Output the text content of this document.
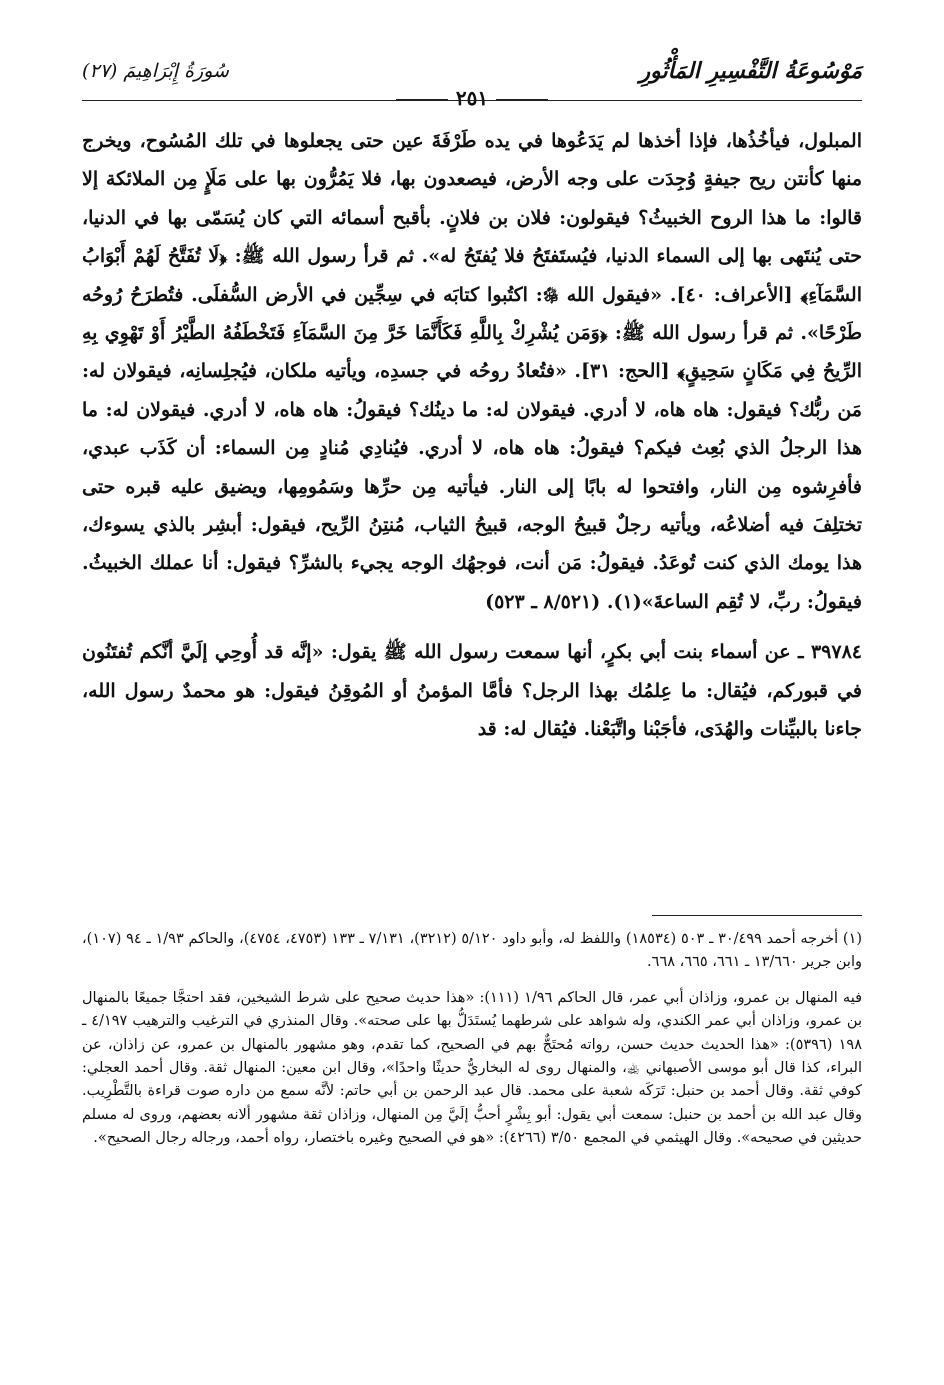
مَوْسُوعَةُ التَّفْسِيرِ المَأْثُورِ
٢٥١
سُورَةُ إِبْرَاهِيمَ (٢٧)

المبلول، فيأخُذُها، فإذا أخذها لم يَدَعُوها في يده طَرْفَةَ عين حتى يجعلوها في تلك المُسُوح، ويخرج منها كأنتن ريح جيفةٍ وُجِدَت على وجه الأرض، فيصعدون بها، فلا يَمُرُّون بها على مَلَإٍ مِن الملائكة إلا قالوا: ما هذا الروح الخبيثُ؟ فيقولون: فلان بن فلانٍ. بأقبح أسمائه التي كان يُسَمّى بها في الدنيا، حتى يُنتَهى بها إلى السماء الدنيا، فيُستَفتَحُ فلا يُفتَحُ له». ثم قرأ رسول الله ﷺ: ﴿لَا تُفَتَّحُ لَهُمْ أَبْوَابُ السَّمَآءِ﴾ [الأعراف: ٤٠]. «فيقول الله ﷿: اكتُبوا كتابَه في سِجِّين في الأرض السُّفلَى. فتُطرَحُ رُوحُه طَرْحًا». ثم قرأ رسول الله ﷺ: ﴿وَمَن يُشْرِكْ بِاللَّهِ فَكَأَنَّمَا خَرَّ مِنَ السَّمَآءِ فَتَخْطَفُهُ الطَّيْرُ أَوْ تَهْوِي بِهِ الرِّيحُ فِي مَكَانٍ سَحِيقٍ﴾ [الحج: ٣١]. «فتُعادُ روحُه في جسدِه، ويأتيه ملكان، فيُجلِسانِه، فيقولان له: مَن ربُّك؟ فيقول: هاه هاه، لا أدري. فيقولان له: ما دينُك؟ فيقولُ: هاه هاه، لا أدري. فيقولان له: ما هذا الرجلُ الذي بُعِث فيكم؟ فيقولُ: هاه هاه، لا أدري. فيُنادِي مُنادٍ مِن السماء: أن كَذَب عبدي، فأفرِشوه مِن النار، وافتحوا له بابًا إلى النار. فيأتيه مِن حرِّها وسَمُومِها، ويضيق عليه قبره حتى تختلِفَ فيه أضلاعُه، ويأتيه رجلٌ قبيحُ الوجه، قبيحُ الثياب، مُنتِنُ الرِّيح، فيقول: أبشِر بالذي يسوءك، هذا يومك الذي كنت تُوعَدُ. فيقولُ: مَن أنت، فوجهُك الوجه يجيء بالشرِّ؟ فيقول: أنا عملك الخبيثُ. فيقولُ: ربِّ، لا تُقِم الساعةَ»(١). (٨/٥٢١ ـ ٥٢٣)

٣٩٧٨٤ ـ عن أسماء بنت أبي بكرٍ، أنها سمعت رسول الله ﷺ يقول: «إنَّه قد أُوحِي إلَيَّ أنَّكم تُفتَنُون في قبوركم، فيُقال: ما عِلمُك بهذا الرجل؟ فأمَّا المؤمنُ أو المُوقِنُ فيقول: هو محمدٌ رسول الله، جاءنا بالبيِّنات والهُدَى، فأجَبْنا واتَّبَعْنا. فيُقال له: قد

(١) أخرجه أحمد ٣٠/٤٩٩ ـ ٥٠٣ (١٨٥٣٤) واللفظ له، وأبو داود ٥/١٢٠ (٣٢١٢)، ٧/١٣١ ـ ١٣٣ (٤٧٥٣، ٤٧٥٤)، والحاكم ١/٩٣ ـ ٩٤ (١٠٧)، وابن جرير ١٣/٦٦٠ ـ ٦٦١، ٦٦٥، ٦٦٨.

فيه المنهال بن عمرو، وزاذان أبي عمر، قال الحاكم ١/٩٦ (١١١): «هذا حديث صحيح على شرط الشيخين، فقد احتجَّا جميعًا بالمنهال بن عمرو، وزاذان أبي عمر الكندي، وله شواهد على شرطهما يُستَدَلُّ بها على صحته». وقال المنذري في الترغيب والترهيب ٤/١٩٧ ـ ١٩٨ (٥٣٩٦): «هذا الحديث حديث حسن، رواته مُحتَجٌّ بهم في الصحيح، كما تقدم، وهو مشهور بالمنهال بن عمرو، عن زاذان، عن البراء، كذا قال أبو موسى الأصبهاني ﵀، والمنهال روى له البخاريُّ حديثًا واحدًا»، وقال ابن معين: المنهال ثقة. وقال أحمد العجلي: كوفي ثقة. وقال أحمد بن حنبل: تَرَكَه شعبة على محمد. قال عبد الرحمن بن أبي حاتم: لأنَّه سمع من داره صوت قراءة بالتَّطْرِيب. وقال عبد الله بن أحمد بن حنبل: سمعت أبي يقول: أبو بِشْرٍ أحبُّ إلَيَّ مِن المنهال، وزاذان ثقة مشهور ألانه بعضهم، وروى له مسلم حديثين في صحيحه». وقال الهيثمي في المجمع ٣/٥٠ (٤٢٦٦): «هو في الصحيح وغيره باختصار، رواه أحمد، ورجاله رجال الصحيح».
